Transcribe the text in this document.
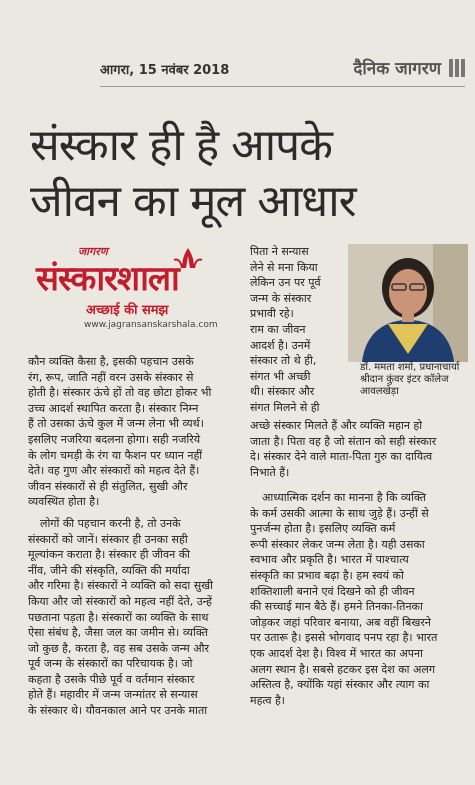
आगरा, 15 नवंबर 2018	दैनिक जागरण
संस्कार ही है आपके
जीवन का मूल आधार
जागरण
संस्कारशाला
अच्छाई की समझ
www.jagransanskarshala.com
पिता ने सन्यास
लेने से मना किया
लेकिन उन पर पूर्व
जन्म के संस्कार
प्रभावी रहे।
राम का जीवन
आदर्श है। उनमें
संस्कार तो थे ही,
संगत भी अच्छी
थी। संस्कार और
संगत मिलने से ही
डॉ. ममता शर्मा, प्रधानाचार्या
श्रीदान कुंवर इंटर कॉलेज
आवलखेड़ा
अच्छे संस्कार मिलते हैं और व्यक्ति महान हो
जाता है। पिता वह है जो संतान को सही संस्कार
दे। संस्कार देने वाले माता-पिता गुरु का दायित्व
निभाते हैं।
कौन व्यक्ति कैसा है, इसकी पहचान उसके
रंग, रूप, जाति नहीं वरन उसके संस्कार से
होती है। संस्कार ऊंचे हों तो वह छोटा होकर भी
उच्च आदर्श स्थापित करता है। संस्कार निम्न
हैं तो उसका ऊंचे कुल में जन्म लेना भी व्यर्थ।
इसलिए नजरिया बदलना होगा। सही नजरिये
के लोग चमड़ी के रंग या फैशन पर ध्यान नहीं
देते। वह गुण और संस्कारों को महत्व देते हैं।
जीवन संस्कारों से ही संतुलित, सुखी और
व्यवस्थित होता है।
लोगों की पहचान करनी है, तो उनके
संस्कारों को जानें। संस्कार ही उनका सही
मूल्यांकन कराता है। संस्कार ही जीवन की
नींव, जीने की संस्कृति, व्यक्ति की मर्यादा
और गरिमा है। संस्कारों ने व्यक्ति को सदा सुखी
किया और जो संस्कारों को महत्व नहीं देते, उन्हें
पछताना पड़ता है। संस्कारों का व्यक्ति के साथ
ऐसा संबंध है, जैसा जल का जमीन से। व्यक्ति
जो कुछ है, करता है, वह सब उसके जन्म और
पूर्व जन्म के संस्कारों का परिचायक है। जो
कहता है उसके पीछे पूर्व व वर्तमान संस्कार
होते हैं। महावीर में जन्म जन्मांतर से सन्यास
के संस्कार थे। यौवनकाल आने पर उनके माता
आध्यात्मिक दर्शन का मानना है कि व्यक्ति
के कर्म उसकी आत्मा के साथ जुड़े हैं। उन्हीं से
पुनर्जन्म होता है। इसलिए व्यक्ति कर्म
रूपी संस्कार लेकर जन्म लेता है। यही उसका
स्वभाव और प्रकृति है। भारत में पाश्चात्य
संस्कृति का प्रभाव बढ़ा है। हम स्वयं को
शक्तिशाली बनाने एवं दिखने को ही जीवन
की सच्चाई मान बैठे हैं। हमने तिनका-तिनका
जोड़कर जहां परिवार बनाया, अब वहीं बिखरने
पर उतारू है। इससे भोगवाद पनप रहा है। भारत
एक आदर्श देश है। विश्व में भारत का अपना
अलग स्थान है। सबसे हटकर इस देश का अलग
अस्तित्व है, क्योंकि यहां संस्कार और त्याग का
महत्व है।
